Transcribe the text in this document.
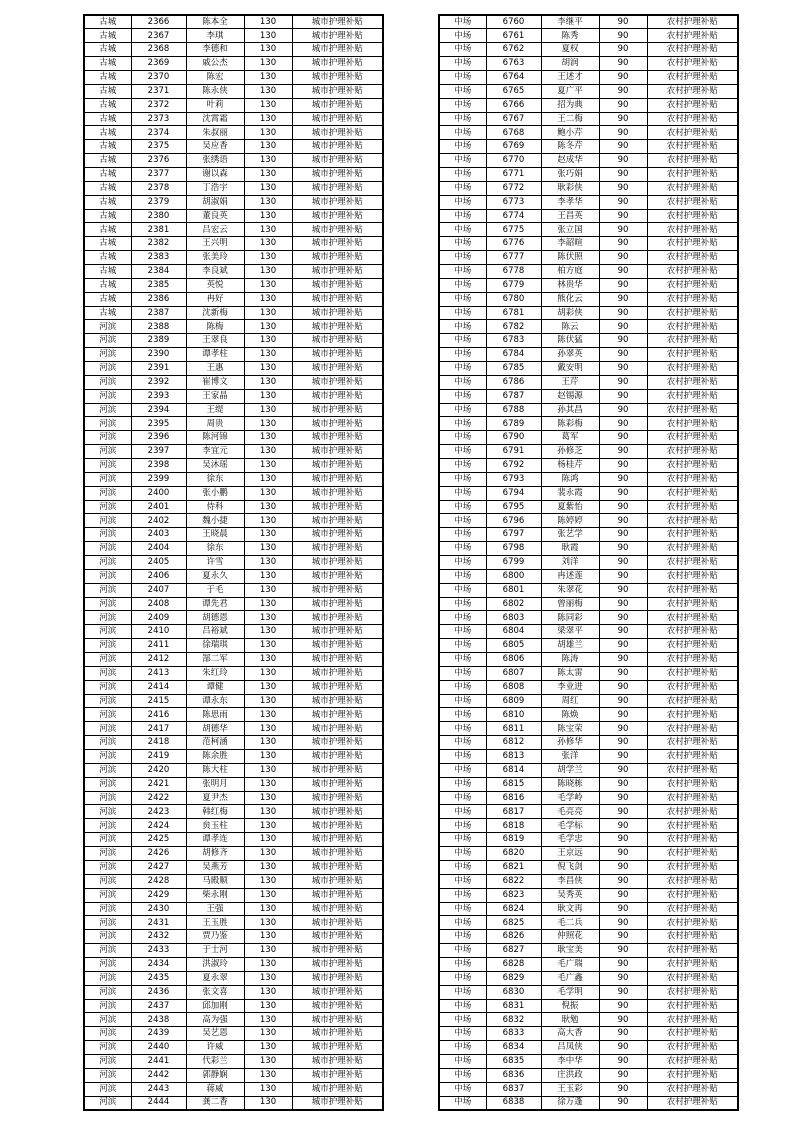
古城	2366	陈本全	130	城市护理补贴
古城	2367	李琪	130	城市护理补贴
古城	2368	李德和	130	城市护理补贴
古城	2369	戚公杰	130	城市护理补贴
古城	2370	陈宏	130	城市护理补贴
古城	2371	陈永侠	130	城市护理补贴
古城	2372	叶莉	130	城市护理补贴
古城	2373	沈霄霜	130	城市护理补贴
古城	2374	朱叔丽	130	城市护理补贴
古城	2375	吴应香	130	城市护理补贴
古城	2376	张绣语	130	城市护理补贴
古城	2377	谢以森	130	城市护理补贴
古城	2378	丁浩宇	130	城市护理补贴
古城	2379	胡淑娟	130	城市护理补贴
古城	2380	董良英	130	城市护理补贴
古城	2381	吕宏云	130	城市护理补贴
古城	2382	王兴明	130	城市护理补贴
古城	2383	张美玲	130	城市护理补贴
古城	2384	李良斌	130	城市护理补贴
古城	2385	英悦	130	城市护理补贴
古城	2386	冉好	130	城市护理补贴
古城	2387	沈新梅	130	城市护理补贴
河滨	2388	陈梅	130	城市护理补贴
河滨	2389	王翠良	130	城市护理补贴
河滨	2390	谭孝柱	130	城市护理补贴
河滨	2391	王惠	130	城市护理补贴
河滨	2392	崔博文	130	城市护理补贴
河滨	2393	王家晶	130	城市护理补贴
河滨	2394	王缇	130	城市护理补贴
河滨	2395	周贵	130	城市护理补贴
河滨	2396	陈河锦	130	城市护理补贴
河滨	2397	李宜元	130	城市护理补贴
河滨	2398	吴沐瑶	130	城市护理补贴
河滨	2399	徐东	130	城市护理补贴
河滨	2400	张小鹏	130	城市护理补贴
河滨	2401	侍科	130	城市护理补贴
河滨	2402	魏小捷	130	城市护理补贴
河滨	2403	王晓晨	130	城市护理补贴
河滨	2404	徐东	130	城市护理补贴
河滨	2405	许雪	130	城市护理补贴
河滨	2406	夏永久	130	城市护理补贴
河滨	2407	于毛	130	城市护理补贴
河滨	2408	谭先君	130	城市护理补贴
河滨	2409	胡德恩	130	城市护理补贴
河滨	2410	吕裕斌	130	城市护理补贴
河滨	2411	徐瑞琪	130	城市护理补贴
河滨	2412	郜二军	130	城市护理补贴
河滨	2413	朱红玲	130	城市护理补贴
河滨	2414	谭健	130	城市护理补贴
河滨	2415	谭永东	130	城市护理补贴
河滨	2416	陈思雨	130	城市护理补贴
河滨	2417	胡德华	130	城市护理补贴
河滨	2418	范柯涵	130	城市护理补贴
河滨	2419	陈余胜	130	城市护理补贴
河滨	2420	陈大柱	130	城市护理补贴
河滨	2421	张明月	130	城市护理补贴
河滨	2422	夏尹杰	130	城市护理补贴
河滨	2423	韩红梅	130	城市护理补贴
河滨	2424	贠玉柱	130	城市护理补贴
河滨	2425	谭孝连	130	城市护理补贴
河滨	2426	胡修齐	130	城市护理补贴
河滨	2427	吴燕芳	130	城市护理补贴
河滨	2428	马殿顺	130	城市护理补贴
河滨	2429	柴永刚	130	城市护理补贴
河滨	2430	王强	130	城市护理补贴
河滨	2431	王玉胜	130	城市护理补贴
河滨	2432	贾乃鉴	130	城市护理补贴
河滨	2433	于士河	130	城市护理补贴
河滨	2434	洪淑玲	130	城市护理补贴
河滨	2435	夏永翠	130	城市护理补贴
河滨	2436	张文喜	130	城市护理补贴
河滨	2437	邱加刚	130	城市护理补贴
河滨	2438	高为强	130	城市护理补贴
河滨	2439	吴艺恩	130	城市护理补贴
河滨	2440	许威	130	城市护理补贴
河滨	2441	代彩兰	130	城市护理补贴
河滨	2442	郭静娴	130	城市护理补贴
河滨	2443	蒋威	130	城市护理补贴
河滨	2444	龚二香	130	城市护理补贴
中场	6760	李继平	90	农村护理补贴
中场	6761	陈秀	90	农村护理补贴
中场	6762	夏权	90	农村护理补贴
中场	6763	胡润	90	农村护理补贴
中场	6764	王述才	90	农村护理补贴
中场	6765	夏广平	90	农村护理补贴
中场	6766	招为典	90	农村护理补贴
中场	6767	王二梅	90	农村护理补贴
中场	6768	鲍小芹	90	农村护理补贴
中场	6769	陈冬芹	90	农村护理补贴
中场	6770	赵成华	90	农村护理补贴
中场	6771	张巧娟	90	农村护理补贴
中场	6772	耿彩侠	90	农村护理补贴
中场	6773	李孝华	90	农村护理补贴
中场	6774	王昌英	90	农村护理补贴
中场	6775	张立国	90	农村护理补贴
中场	6776	李韶暄	90	农村护理补贴
中场	6777	陈伏照	90	农村护理补贴
中场	6778	柏方庭	90	农村护理补贴
中场	6779	林贵华	90	农村护理补贴
中场	6780	熊化云	90	农村护理补贴
中场	6781	胡彩侠	90	农村护理补贴
中场	6782	陈云	90	农村护理补贴
中场	6783	陈伏猛	90	农村护理补贴
中场	6784	孙翠英	90	农村护理补贴
中场	6785	戴安明	90	农村护理补贴
中场	6786	王芹	90	农村护理补贴
中场	6787	赵锡源	90	农村护理补贴
中场	6788	孙其昌	90	农村护理补贴
中场	6789	陈彩梅	90	农村护理补贴
中场	6790	葛军	90	农村护理补贴
中场	6791	孙修芝	90	农村护理补贴
中场	6792	杨桂芹	90	农村护理补贴
中场	6793	陈鸿	90	农村护理补贴
中场	6794	裴永霞	90	农村护理补贴
中场	6795	夏紫怡	90	农村护理补贴
中场	6796	陈婷婷	90	农村护理补贴
中场	6797	张艺学	90	农村护理补贴
中场	6798	耿霞	90	农村护理补贴
中场	6799	刘洋	90	农村护理补贴
中场	6800	冉述莲	90	农村护理补贴
中场	6801	朱翠花	90	农村护理补贴
中场	6802	曾丽梅	90	农村护理补贴
中场	6803	陈同彩	90	农村护理补贴
中场	6804	梁翠平	90	农村护理补贴
中场	6805	胡雄兰	90	农村护理补贴
中场	6806	陈涛	90	农村护理补贴
中场	6807	陈太雷	90	农村护理补贴
中场	6808	李业进	90	农村护理补贴
中场	6809	周红	90	农村护理补贴
中场	6810	陈焕	90	农村护理补贴
中场	6811	陈宝荣	90	农村护理补贴
中场	6812	孙修华	90	农村护理补贴
中场	6813	张洋	90	农村护理补贴
中场	6814	胡学兰	90	农村护理补贴
中场	6815	陈晓栋	90	农村护理补贴
中场	6816	毛学岭	90	农村护理补贴
中场	6817	毛亮亮	90	农村护理补贴
中场	6818	毛学标	90	农村护理补贴
中场	6819	毛学忠	90	农村护理补贴
中场	6820	王京远	90	农村护理补贴
中场	6821	倪飞剑	90	农村护理补贴
中场	6822	李昌侠	90	农村护理补贴
中场	6823	吴秀英	90	农村护理补贴
中场	6824	耿文再	90	农村护理补贴
中场	6825	毛二兵	90	农村护理补贴
中场	6826	仲照花	90	农村护理补贴
中场	6827	耿宝美	90	农村护理补贴
中场	6828	毛广瑞	90	农村护理补贴
中场	6829	毛广鑫	90	农村护理补贴
中场	6830	毛学明	90	农村护理补贴
中场	6831	倪振	90	农村护理补贴
中场	6832	耿勉	90	农村护理补贴
中场	6833	高大香	90	农村护理补贴
中场	6834	吕凤侠	90	农村护理补贴
中场	6835	李中华	90	农村护理补贴
中场	6836	庄洪政	90	农村护理补贴
中场	6837	王玉彩	90	农村护理补贴
中场	6838	徐万蓬	90	农村护理补贴
